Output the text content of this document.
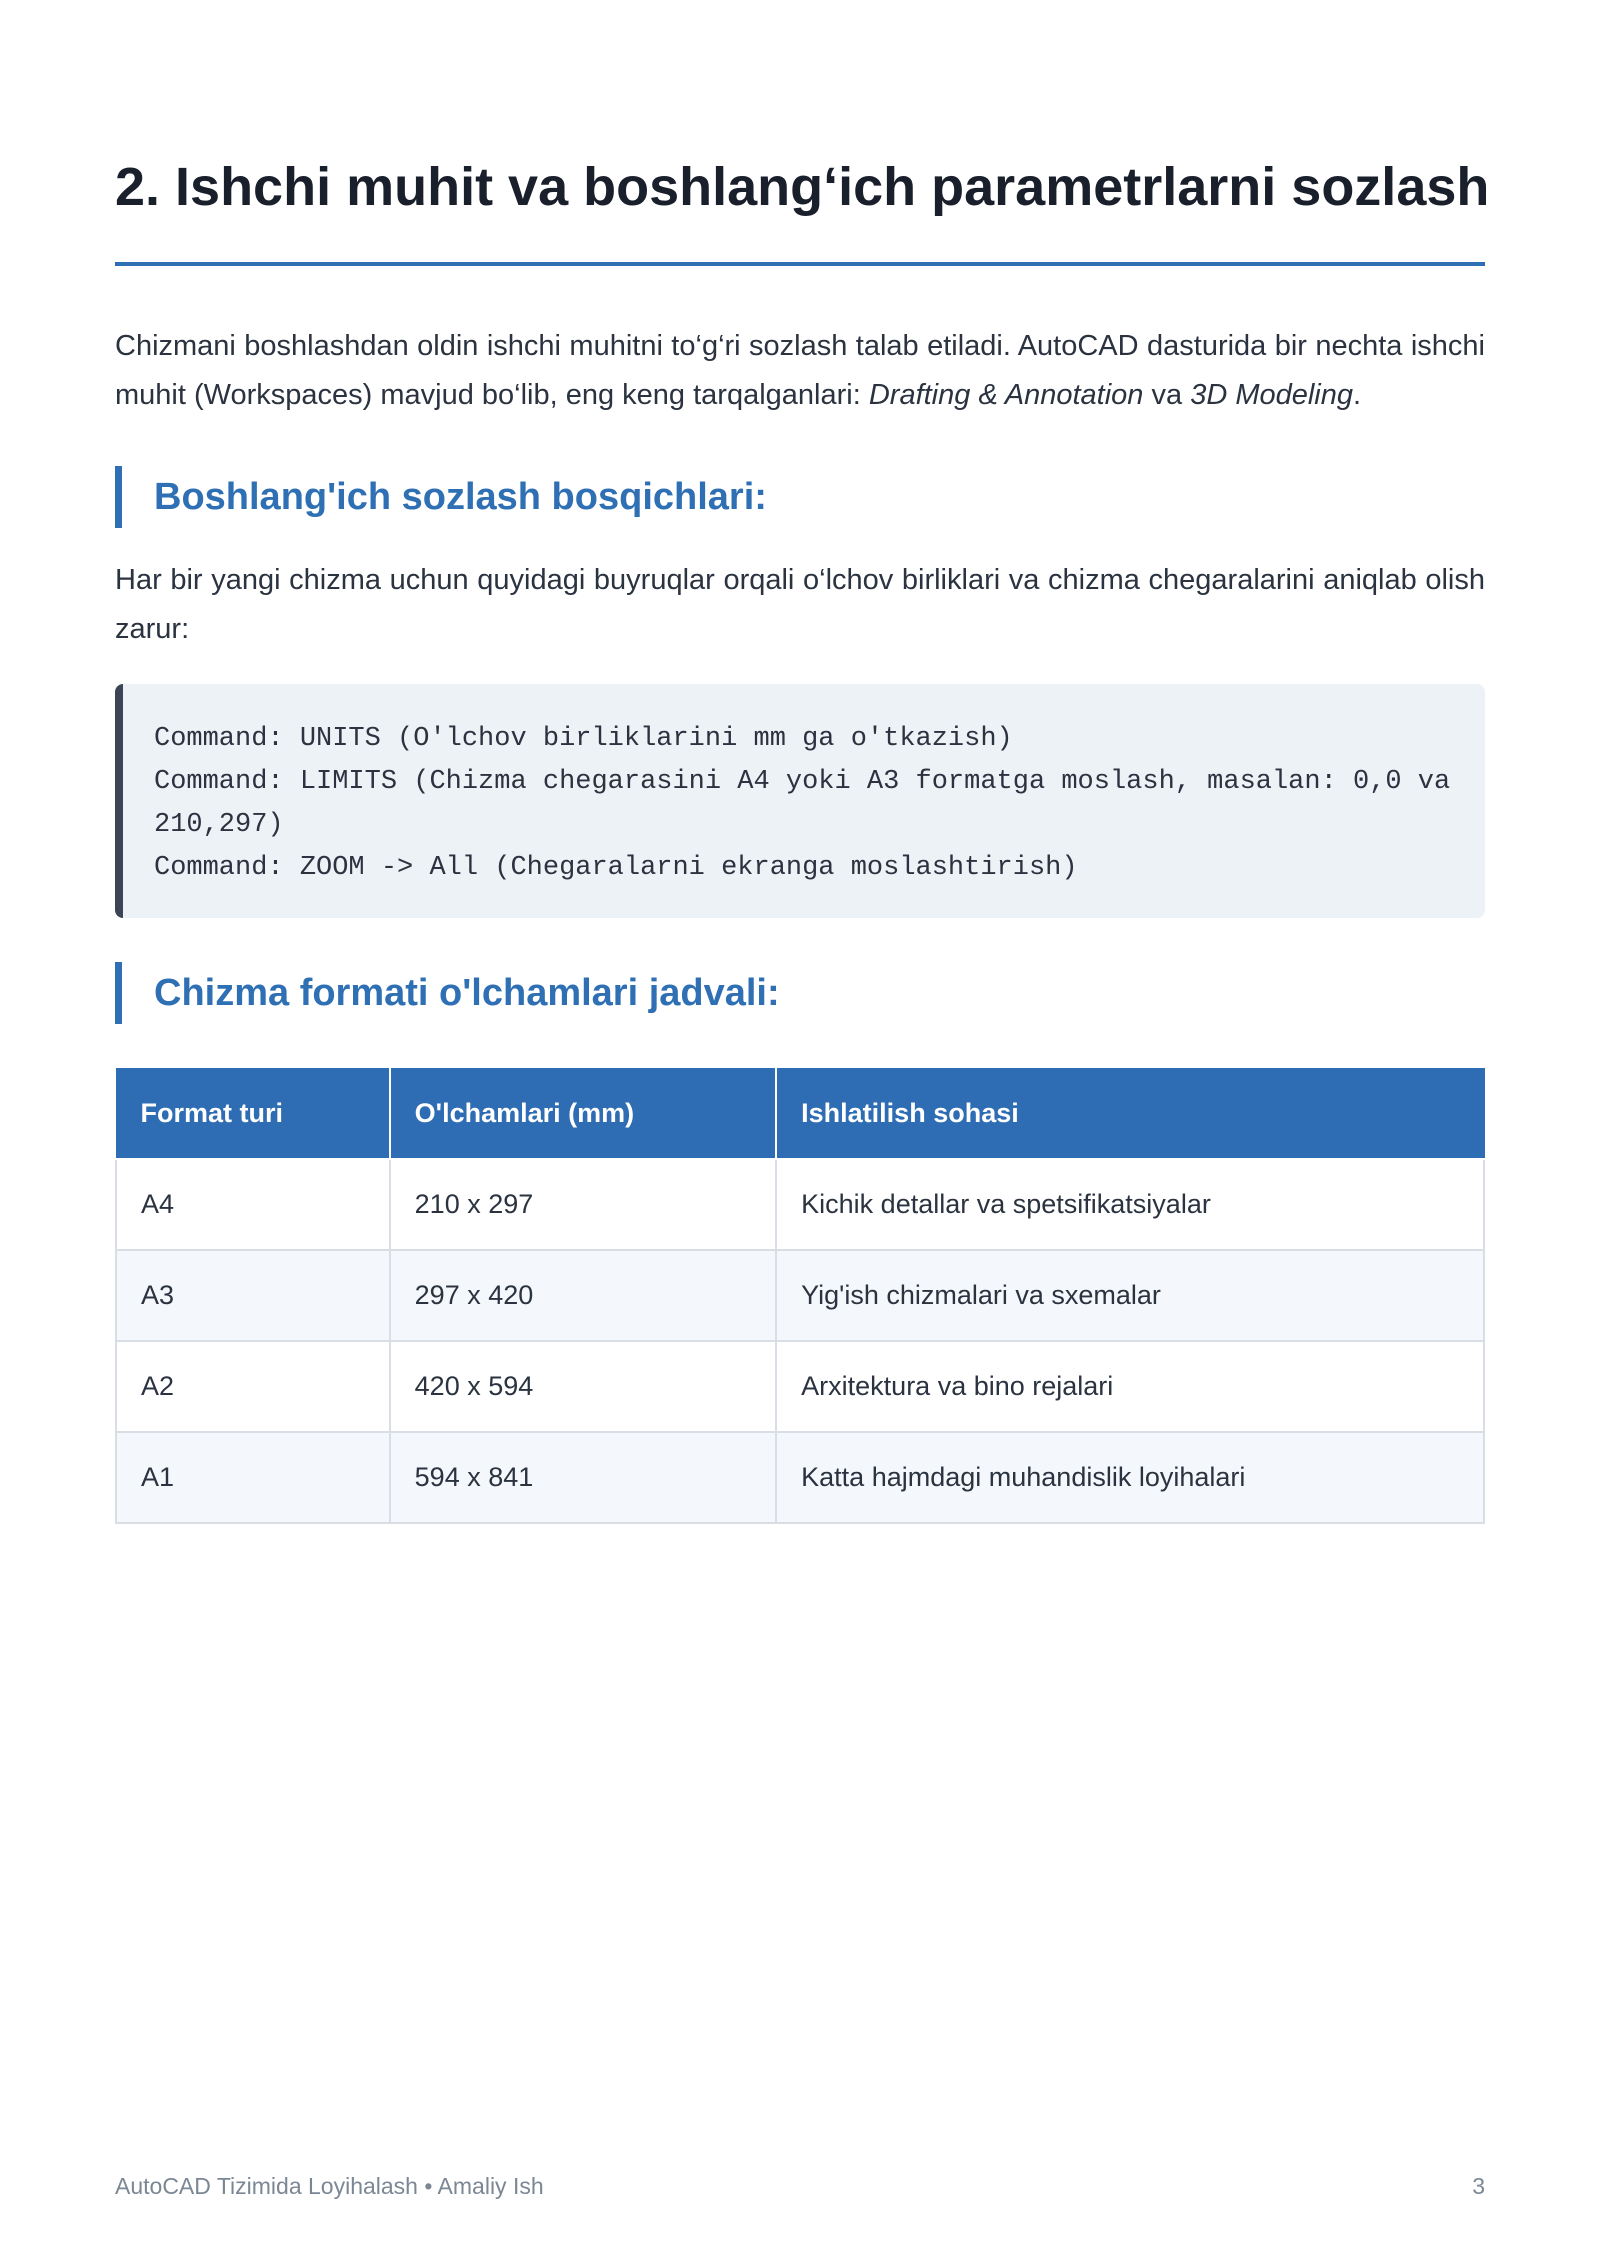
2. Ishchi muhit va boshlang‘ich parametrlarni sozlash

Chizmani boshlashdan oldin ishchi muhitni to‘g‘ri sozlash talab etiladi. AutoCAD dasturida bir nechta ishchi muhit (Workspaces) mavjud bo‘lib, eng keng tarqalganlari: Drafting & Annotation va 3D Modeling.

Boshlang'ich sozlash bosqichlari:

Har bir yangi chizma uchun quyidagi buyruqlar orqali o‘lchov birliklari va chizma chegaralarini aniqlab olish zarur:

Command: UNITS (O'lchov birliklarini mm ga o'tkazish)
Command: LIMITS (Chizma chegarasini A4 yoki A3 formatga moslash, masalan: 0,0 va 210,297)
Command: ZOOM -> All (Chegaralarni ekranga moslashtirish)
Chizma formati o'lchamlari jadvali:
Format turi	O'lchamlari (mm)	Ishlatilish sohasi
A4	210 x 297	Kichik detallar va spetsifikatsiyalar
A3	297 x 420	Yig'ish chizmalari va sxemalar
A2	420 x 594	Arxitektura va bino rejalari
A1	594 x 841	Katta hajmdagi muhandislik loyihalari
AutoCAD Tizimida Loyihalash • Amaliy Ish	3
